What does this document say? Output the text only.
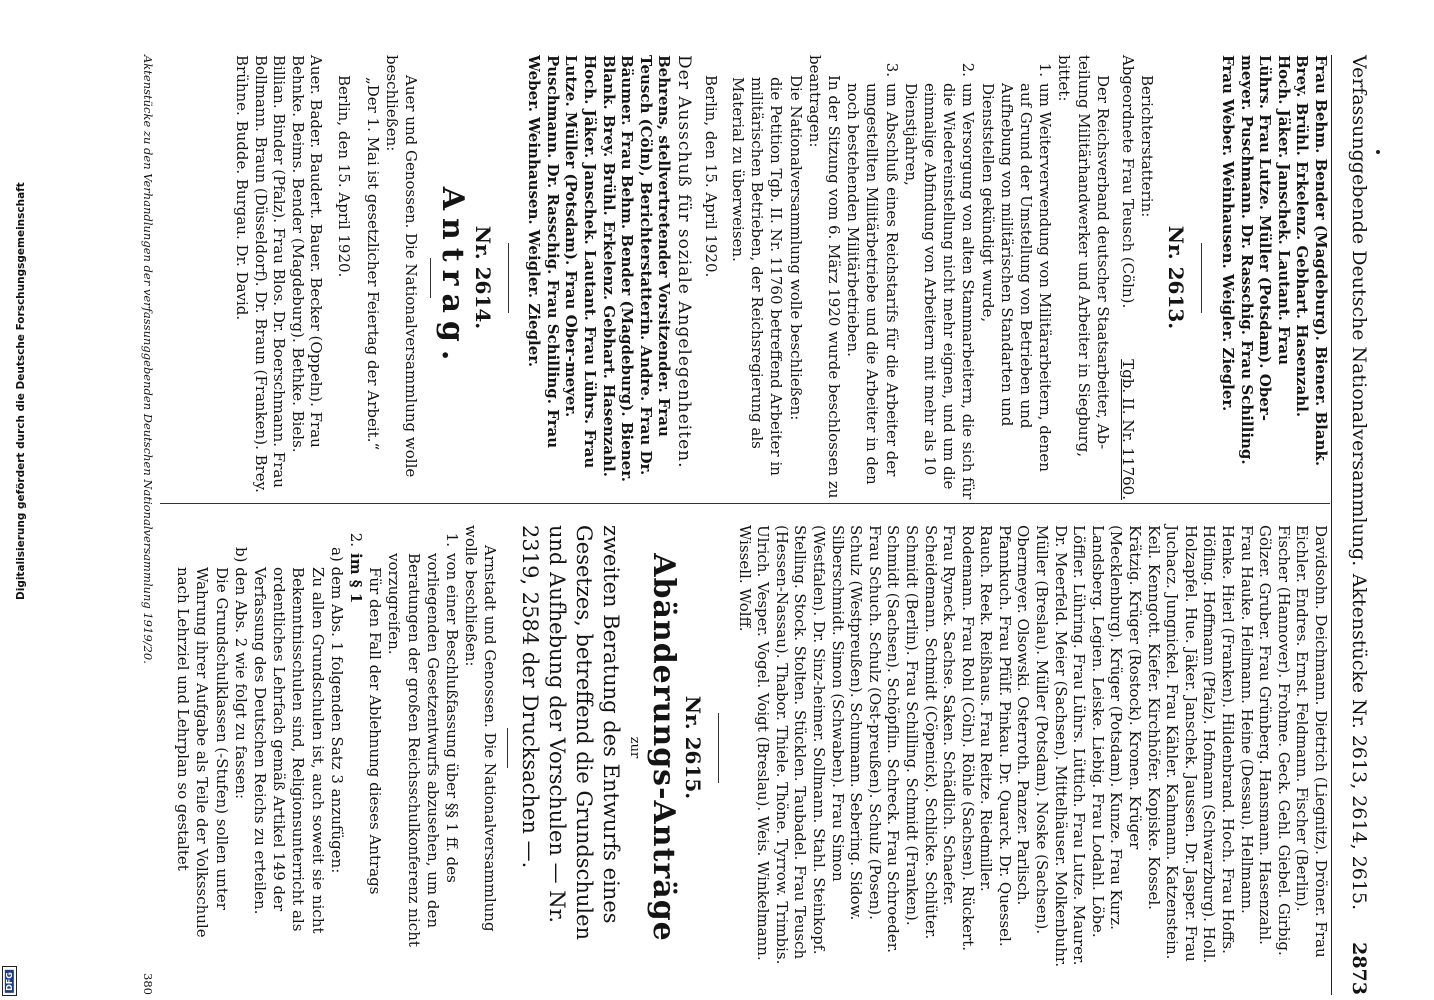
Verfassunggebende Deutsche Nationalversammlung.
Aktenstücke Nr. 2613, 2614, 2615.2873

Frau Behm. Bender (Magdeburg). Biener. Blank.

Brey. Brühl. Erkelenz. Gebhart. Hasenzahl.

Hoch. Jäker. Janschek. Lautant. Frau

Lührs. Frau Lutze. Müller (Potsdam). Ober-

meyer. Puschmann. Dr. Rasschig. Frau Schilling.

Frau Weber. Weinhausen. Weigler. Ziegler.

Nr. 2613.

Berichterstatterin:

Abgeordnete Frau Teusch (Cöln).
Tgb. II. Nr. 11760.

Der Reichsverband deutscher Staatsarbeiter, Ab-teilung Militärhandwerker und Arbeiter in Siegburg, bittet:

1.
um Weiterverwendung von Militärarbeitern, denen auf Grund der Umstellung von Betrieben und Aufhebung von militärischen Standarten und Dienststellen gekündigt wurde,
2.
um Versorgung von alten Stammarbeitern, die sich für die Wiedereinstellung nicht mehr eignen, und um die einmalige Abfindung von Arbeitern mit mehr als 10 Dienstjahren,
3.
um Abschluß eines Reichstarifs für die Arbeiter der umgestellten Militärbetriebe und die Arbeiter in den noch bestehenden Militärbetrieben.

In der Sitzung vom 6. März 1920 wurde beschlossen zu beantragen:

Die Nationalversammlung wolle beschließen:

die Petition Tgb. II. Nr. 11760 betreffend Arbeiter in militärischen Betrieben, der Reichsregierung als Material zu überweisen.

Berlin, den 15. April 1920.

Der Ausschuß für soziale Angelegenheiten.

Behrens, stellvertretender Vorsitzender. Frau Teusch (Cöln), Berichterstatterin. Andre. Frau Dr. Bäumer. Frau Behm. Bender (Magdeburg). Biener. Blank. Brey. Brühl. Erkelenz. Gebhart. Hasenzahl. Hoch. Jäker. Janschek. Lautant. Frau Lührs. Frau Lutze. Müller (Potsdam). Frau Ober-meyer. Puschmann. Dr. Rasschig. Frau Schilling. Frau Weber. Weinhausen. Weigler. Ziegler.

Nr. 2614.
Antrag.

Auer und Genossen. Die Nationalversammlung wolle beschließen:

„Der 1. Mai ist gesetzlicher Feiertag der Arbeit.“

Berlin, den 15. April 1920.

Auer. Bader. Baudert. Bauer. Becker (Oppeln). Frau Behnke. Beims. Bender (Magdeburg). Bethke. Biels. Billian. Binder (Pfalz). Frau Blos. Dr. Boerschmann. Frau Bollmann. Braun (Düsseldorf). Dr. Braun (Franken). Brey. Brühne. Budde. Burgau. Dr. David.

Davidsohn. Deichmann. Dietrich (Liegnitz). Dröner. Frau Eichler. Endres. Ernst. Feldmann. Fischer (Berlin). Fischer (Hannover). Frohme. Geck. Gehl. Giebel. Girbig. Gölzer. Gruber. Frau Grünberg. Hansmann. Hasenzahl. Frau Hauke. Heilmann. Heine (Dessau). Hellmann. Henke. Hierl (Franken). Hildenbrand. Hoch. Frau Hoffs. Höfling. Hoffmann (Pfalz). Hofmann (Schwarzburg). Holl. Holzapfel. Hue. Jäker. Janschek. Jaussen. Dr. Jasper. Frau Juchacz. Jungnickel. Frau Kähler. Kahmann. Katzenstein. Keil. Kenngott. Kiefer. Kirchhöfer. Kopiske. Kossel. Krätzig. Krüger (Rostock). Kronen. Krüger (Mecklenburg). Krüger (Potsdam). Kunze. Frau Kurz. Landsberg. Legien. Leiske. Liebig. Frau Lodahl. Löbe. Löffler. Lühring. Frau Lührs. Lüttich. Frau Lutze. Maurer. Dr. Meerfeld. Meier (Sachsen). Mittelhäuser. Molkenbuhr. Müller (Breslau). Müller (Potsdam). Noske (Sachsen). Obermeyer. Olsowski. Osterroth. Panzer. Parlisch. Pfannkuch. Frau Pfülf. Pinkau. Dr. Quarck. Dr. Quessel. Rauch. Reek. Reißhaus. Frau Reitze. Riedmiller. Rodemann. Frau Rohl (Cöln). Röhle (Sachsen). Rückert. Frau Ryneck. Sachse. Saken. Schädlich. Schaefer. Scheidemann. Schmidt (Cöpenick). Schlicke. Schlüter. Schmidt (Berlin). Frau Schilling. Schmidt (Franken). Schmidt (Sachsen). Schöpflin. Schreck. Frau Schroeder. Frau Schuch. Schulz (Ost-preußen). Schulz (Posen). Schulz (Westpreußen). Schumann. Sebering. Sidow. Silberschmidt. Simon (Schwaben). Frau Simon (Westfalen). Dr. Sinz-heimer. Sollmann. Stahl. Steinkopf. Stelling. Stock. Stolten. Stücklen. Taubadel. Frau Teusch (Hessen-Nassau). Thabor. Thiele. Thöne. Tyrrow. Trimbis. Ulrich. Vesper. Vogel. Voigt (Breslau). Weis. Winkelmann. Wissell. Wolff.

Nr. 2615.
Abänderungs-Anträge

zur

zweiten Beratung des Entwurfs eines Gesetzes, betreffend die Grundschulen und Aufhebung der Vorschulen — Nr. 2319, 2584 der Drucksachen —.

Arnstadt und Genossen. Die Nationalversammlung wolle beschließen:

1.
von einer Beschlußfassung über §§ 1 ff. des vorliegenden Gesetzentwurfs abzusehen, um den Beratungen der großen Reichsschulkonferenz nicht vorzugreifen.

Für den Fall der Ablehnung dieses Antrags

2.
im § 1

a) dem Abs. 1 folgenden Satz 3 anzufügen:

Zu allen Grundschulen ist, auch soweit sie nicht Bekenntnisschulen sind, Religionsunterricht als ordentliches Lehrfach gemäß Artikel 149 der Verfassung des Deutschen Reichs zu erteilen.

b) den Abs. 2 wie folgt zu fassen:

Die Grundschulklassen (-Stufen) sollen unter Wahrung ihrer Aufgabe als Teile der Volksschule nach Lehrziel und Lehrplan so gestaltet

Aktenstücke zu den Verhandlungen der verfassunggebenden Deutschen Nationalversammlung 1919/20.
380
Digitalisierung gefördert durch die Deutsche Forschungsgemeinschaft
DFG
